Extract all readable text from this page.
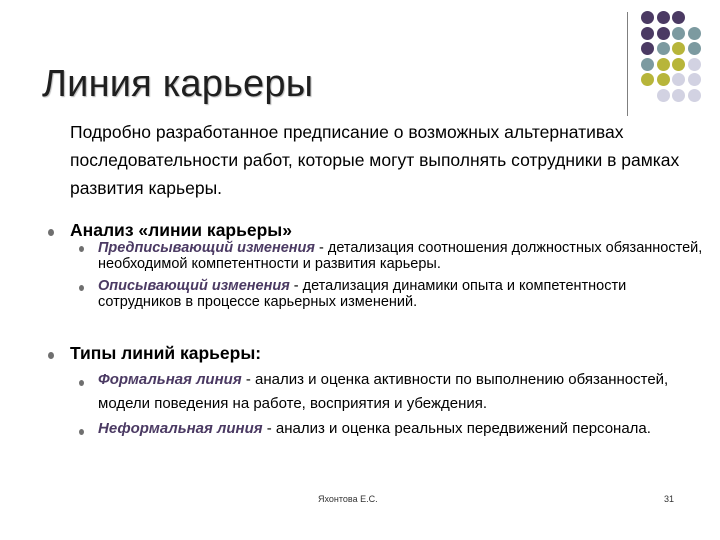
Линия карьеры
Подробно разработанное предписание о возможных альтернативах последовательности работ, которые могут выполнять сотрудники в рамках развития карьеры.
Анализ «линии карьеры»
Предписывающий изменения - детализация соотношения должностных обязанностей, необходимой компетентности и развития карьеры.
Описывающий изменения - детализация динамики опыта и компетентности сотрудников в процессе карьерных изменений.
Типы линий карьеры:
Формальная линия - анализ и оценка активности по выполнению обязанностей, модели поведения на работе, восприятия и убеждения.
Неформальная линия - анализ и оценка реальных передвижений персонала.
Яхонтова Е.С.	31
